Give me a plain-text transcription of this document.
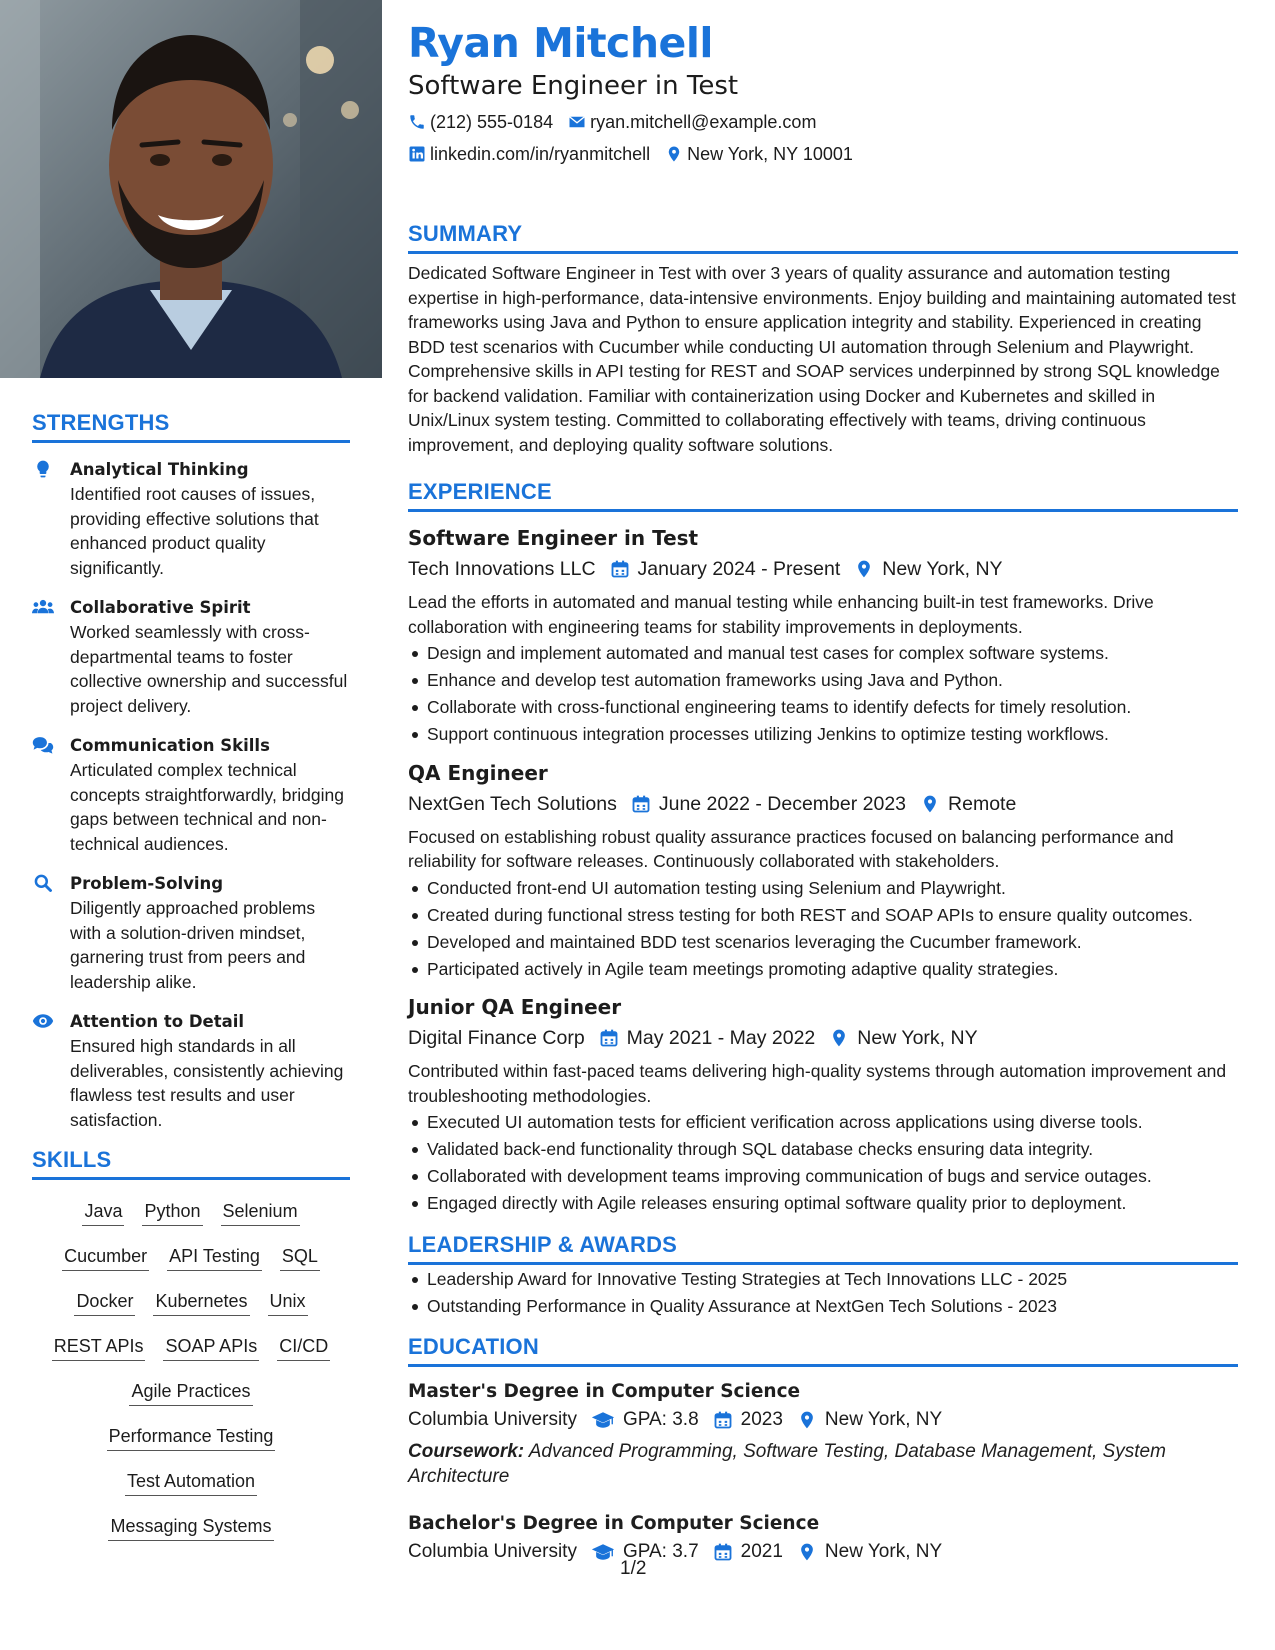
STRENGTHS
Analytical Thinking
Identified root causes of issues, providing effective solutions that enhanced product quality significantly.
Collaborative Spirit
Worked seamlessly with cross-departmental teams to foster collective ownership and successful project delivery.
Communication Skills
Articulated complex technical concepts straightforwardly, bridging gaps between technical and non-technical audiences.
Problem-Solving
Diligently approached problems with a solution-driven mindset, garnering trust from peers and leadership alike.
Attention to Detail
Ensured high standards in all deliverables, consistently achieving flawless test results and user satisfaction.
SKILLS
Java Python Selenium
Cucumber API Testing SQL
Docker Kubernetes Unix
REST APIs SOAP APIs CI/CD
Agile Practices
Performance Testing
Test Automation
Messaging Systems
Ryan Mitchell
Software Engineer in Test
(212) 555-0184 ryan.mitchell@example.com
linkedin.com/in/ryanmitchell New York, NY 10001
SUMMARY
Dedicated Software Engineer in Test with over 3 years of quality assurance and automation testing expertise in high-performance, data-intensive environments. Enjoy building and maintaining automated test frameworks using Java and Python to ensure application integrity and stability. Experienced in creating BDD test scenarios with Cucumber while conducting UI automation through Selenium and Playwright. Comprehensive skills in API testing for REST and SOAP services underpinned by strong SQL knowledge for backend validation. Familiar with containerization using Docker and Kubernetes and skilled in Unix/Linux system testing. Committed to collaborating effectively with teams, driving continuous improvement, and deploying quality software solutions.
EXPERIENCE
Software Engineer in Test
Tech Innovations LLC January 2024 - Present New York, NY
Lead the efforts in automated and manual testing while enhancing built-in test frameworks. Drive collaboration with engineering teams for stability improvements in deployments.
Design and implement automated and manual test cases for complex software systems.
Enhance and develop test automation frameworks using Java and Python.
Collaborate with cross-functional engineering teams to identify defects for timely resolution.
Support continuous integration processes utilizing Jenkins to optimize testing workflows.
QA Engineer
NextGen Tech Solutions June 2022 - December 2023 Remote
Focused on establishing robust quality assurance practices focused on balancing performance and reliability for software releases. Continuously collaborated with stakeholders.
Conducted front-end UI automation testing using Selenium and Playwright.
Created during functional stress testing for both REST and SOAP APIs to ensure quality outcomes.
Developed and maintained BDD test scenarios leveraging the Cucumber framework.
Participated actively in Agile team meetings promoting adaptive quality strategies.
Junior QA Engineer
Digital Finance Corp May 2021 - May 2022 New York, NY
Contributed within fast-paced teams delivering high-quality systems through automation improvement and troubleshooting methodologies.
Executed UI automation tests for efficient verification across applications using diverse tools.
Validated back-end functionality through SQL database checks ensuring data integrity.
Collaborated with development teams improving communication of bugs and service outages.
Engaged directly with Agile releases ensuring optimal software quality prior to deployment.
LEADERSHIP & AWARDS
Leadership Award for Innovative Testing Strategies at Tech Innovations LLC - 2025
Outstanding Performance in Quality Assurance at NextGen Tech Solutions - 2023
EDUCATION
Master's Degree in Computer Science
Columbia University GPA: 3.8 2023 New York, NY
Coursework: Advanced Programming, Software Testing, Database Management, System Architecture
Bachelor's Degree in Computer Science
Columbia University GPA: 3.7 2021 New York, NY
1/2
